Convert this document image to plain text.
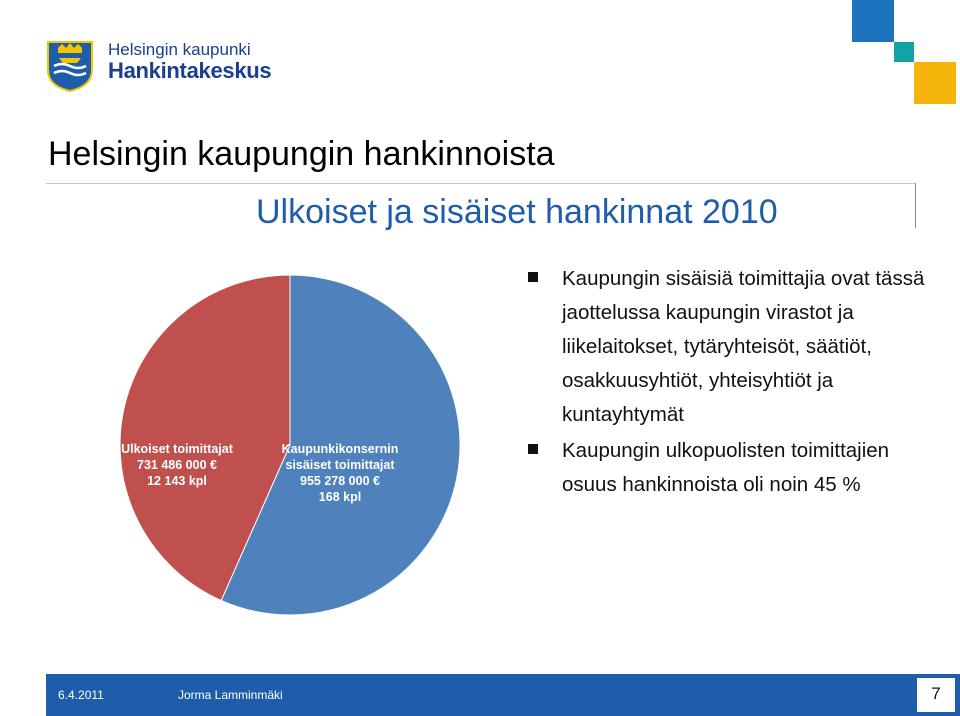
Helsingin kaupunki
Hankintakeskus
Helsingin kaupungin hankinnoista
Ulkoiset ja sisäiset hankinnat 2010
Kaupunkikonsernin sisäiset toimittajat 955 278 000 € 168 kpl
Ulkoiset toimittajat 731 486 000 € 12 143 kpl
Kaupungin sisäisiä toimittajia ovat tässä jaottelussa kaupungin virastot ja liikelaitokset, tytäryhteisöt, säätiöt, osakkuusyhtiöt, yhteisyhtiöt ja kuntayhtymät
Kaupungin ulkopuolisten toimittajien osuus hankinnoista oli noin 45 %
6.4.2011	Jorma Lamminmäki	7
